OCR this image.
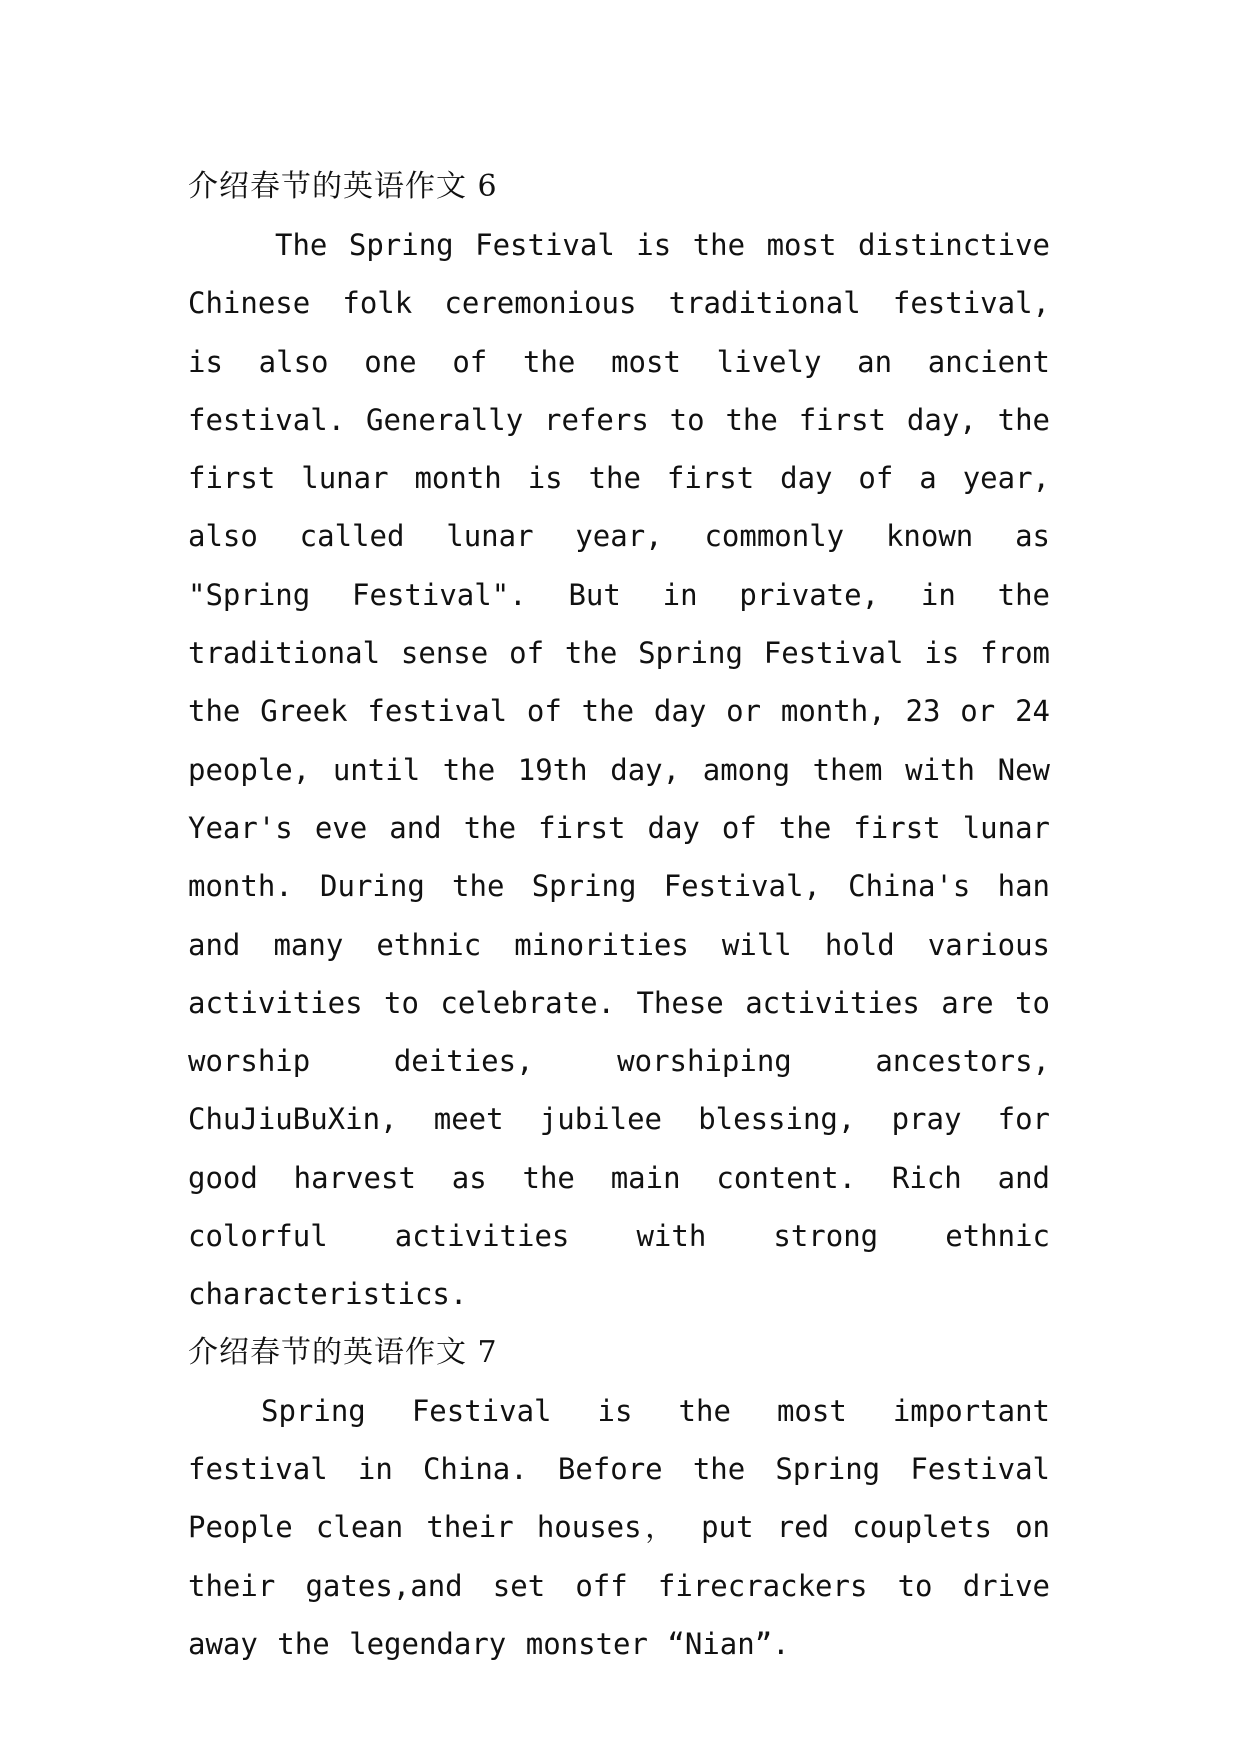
介绍春节的英语作文 6

The Spring Festival is the most distinctive Chinese folk ceremonious traditional festival, is also one of the most lively an ancient festival. Generally refers to the first day, the first lunar month is the first day of a year, also called lunar year, commonly known as "Spring Festival". But in private, in the traditional sense of the Spring Festival is from the Greek festival of the day or month, 23 or 24 people, until the 19th day, among them with New Year's eve and the first day of the first lunar month. During the Spring Festival, China's han and many ethnic minorities will hold various activities to celebrate. These activities are to worship deities, worshiping ancestors, ChuJiuBuXin, meet jubilee blessing, pray for good harvest as the main content. Rich and colorful activities with strong ethnic characteristics.

介绍春节的英语作文 7

Spring Festival is the most important festival in China. Before the Spring Festival People clean their houses， put red couplets on their gates,and set off firecrackers to drive away the legendary monster “Nian”.
